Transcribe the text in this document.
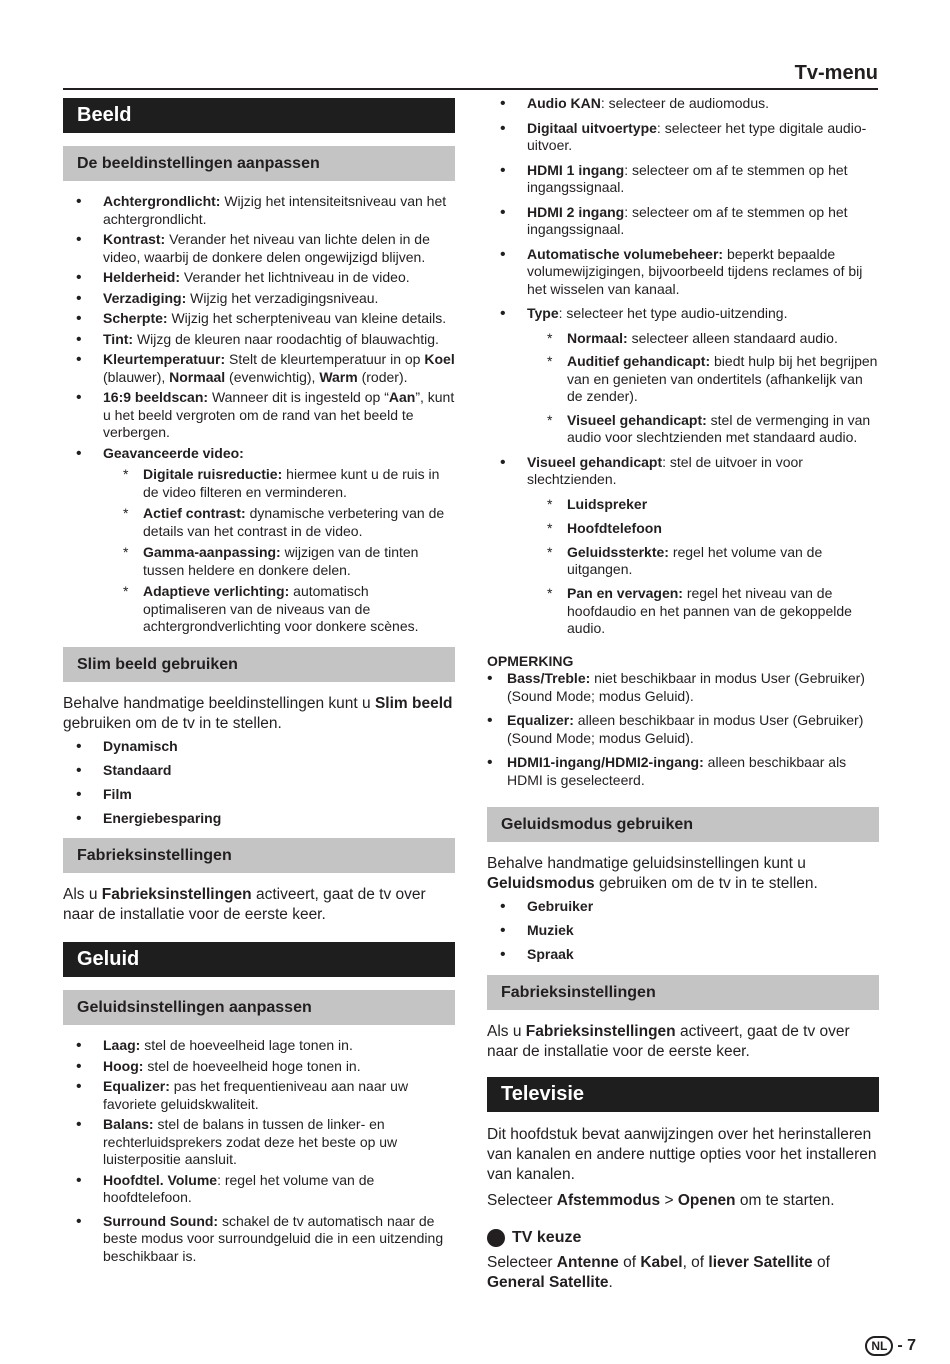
Tv-menu
Beeld
De beeldinstellingen aanpassen
• Achtergrondlicht: Wijzig het intensiteitsniveau van het achtergrondlicht.
• Kontrast: Verander het niveau van lichte delen in de video, waarbij de donkere delen ongewijzigd blijven.
• Helderheid: Verander het lichtniveau in de video.
• Verzadiging: Wijzig het verzadigingsniveau.
• Scherpte: Wijzig het scherpteniveau van kleine details.
• Tint: Wijzg de kleuren naar roodachtig of blauwachtig.
• Kleurtemperatuur: Stelt de kleurtemperatuur in op Koel (blauwer), Normaal (evenwichtig), Warm (roder).
• 16:9 beeldscan: Wanneer dit is ingesteld op “Aan”, kunt u het beeld vergroten om de rand van het beeld te verbergen.
• Geavanceerde video:
* Digitale ruisreductie: hiermee kunt u de ruis in de video filteren en verminderen.
* Actief contrast: dynamische verbetering van de details van het contrast in de video.
* Gamma-aanpassing: wijzigen van de tinten tussen heldere en donkere delen.
* Adaptieve verlichting: automatisch optimaliseren van de niveaus van de achtergrondverlichting voor donkere scènes.
Slim beeld gebruiken
Behalve handmatige beeldinstellingen kunt u Slim beeld gebruiken om de tv in te stellen.
• Dynamisch
• Standaard
• Film
• Energiebesparing
Fabrieksinstellingen
Als u Fabrieksinstellingen activeert, gaat de tv over naar de installatie voor de eerste keer.
Geluid
Geluidsinstellingen aanpassen
• Laag: stel de hoeveelheid lage tonen in.
• Hoog: stel de hoeveelheid hoge tonen in.
• Equalizer: pas het frequentieniveau aan naar uw favoriete geluidskwaliteit.
• Balans: stel de balans in tussen de linker- en rechterluidsprekers zodat deze het beste op uw luisterpositie aansluit.
• Hoofdtel. Volume: regel het volume van de hoofdtelefoon.
• Surround Sound: schakel de tv automatisch naar de beste modus voor surroundgeluid die in een uitzending beschikbaar is.
• Audio KAN: selecteer de audiomodus.
• Digitaal uitvoertype: selecteer het type digitale audio-uitvoer.
• HDMI 1 ingang: selecteer om af te stemmen op het ingangssignaal.
• HDMI 2 ingang: selecteer om af te stemmen op het ingangssignaal.
• Automatische volumebeheer: beperkt bepaalde volumewijzigingen, bijvoorbeeld tijdens reclames of bij het wisselen van kanaal.
• Type: selecteer het type audio-uitzending.
* Normaal: selecteer alleen standaard audio.
* Auditief gehandicapt: biedt hulp bij het begrijpen van en genieten van ondertitels (afhankelijk van de zender).
* Visueel gehandicapt: stel de vermenging in van audio voor slechtzienden met standaard audio.
• Visueel gehandicapt: stel de uitvoer in voor slechtzienden.
* Luidspreker
* Hoofdtelefoon
* Geluidssterkte: regel het volume van de uitgangen.
* Pan en vervagen: regel het niveau van de hoofdaudio en het pannen van de gekoppelde audio.
OPMERKING
• Bass/Treble: niet beschikbaar in modus User (Gebruiker) (Sound Mode; modus Geluid).
• Equalizer: alleen beschikbaar in modus User (Gebruiker) (Sound Mode; modus Geluid).
• HDMI1-ingang/HDMI2-ingang: alleen beschikbaar als HDMI is geselecteerd.
Geluidsmodus gebruiken
Behalve handmatige geluidsinstellingen kunt u Geluidsmodus gebruiken om de tv in te stellen.
• Gebruiker
• Muziek
• Spraak
Fabrieksinstellingen
Als u Fabrieksinstellingen activeert, gaat de tv over naar de installatie voor de eerste keer.
Televisie
Dit hoofdstuk bevat aanwijzingen over het herinstalleren van kanalen en andere nuttige opties voor het installeren van kanalen.
Selecteer Afstemmodus > Openen om te starten.
TV keuze
Selecteer Antenne of Kabel, of liever Satellite of General Satellite.
NL - 7
